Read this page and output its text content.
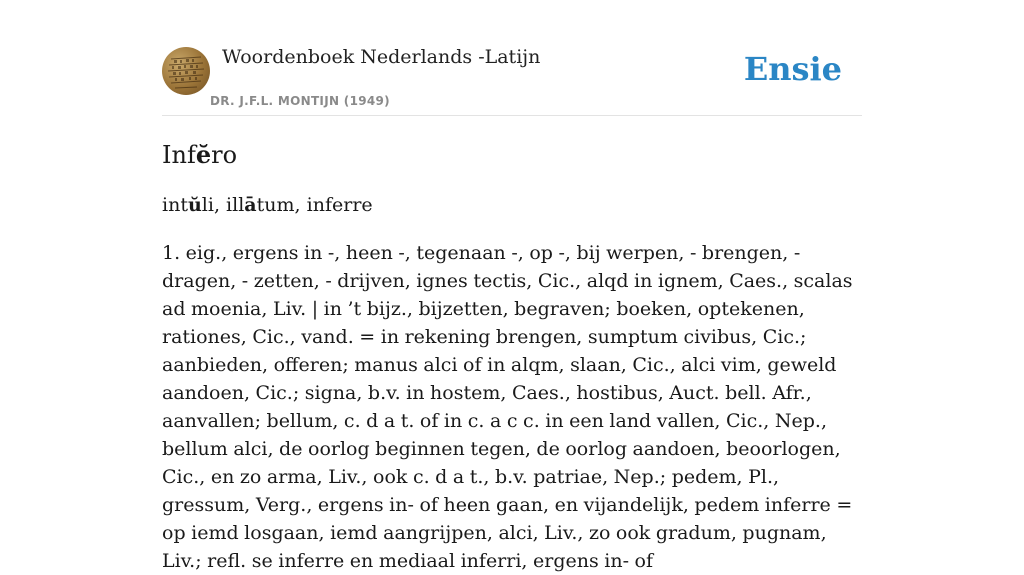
Woordenboek Nederlands -Latijn
DR. J.F.L. MONTIJN (1949)
Ensie
Infĕro
intŭli, illātum, inferre

1. eig., ergens in -, heen -, tegenaan -, op -, bij werpen, - brengen, - dragen, - zetten, - drijven, ignes tectis, Cic., alqd in ignem, Caes., scalas ad moenia, Liv. | in ’t bijz., bijzetten, begraven; boeken, optekenen, rationes, Cic., vand. = in rekening brengen, sumptum civibus, Cic.; aanbieden, offeren; manus alci of in alqm, slaan, Cic., alci vim, geweld aandoen, Cic.; signa, b.v. in hostem, Caes., hostibus, Auct. bell. Afr., aanvallen; bellum, c. d a t. of in c. a c c. in een land vallen, Cic., Nep., bellum alci, de oorlog beginnen tegen, de oorlog aandoen, beoorlogen, Cic., en zo arma, Liv., ook c. d a t., b.v. patriae, Nep.; pedem, Pl., gressum, Verg., ergens in- of heen gaan, en vijandelijk, pedem inferre = op iemd losgaan, iemd aangrijpen, alci, Liv., zo ook gradum, pugnam, Liv.; refl. se inferre en mediaal inferri, ergens in- of
